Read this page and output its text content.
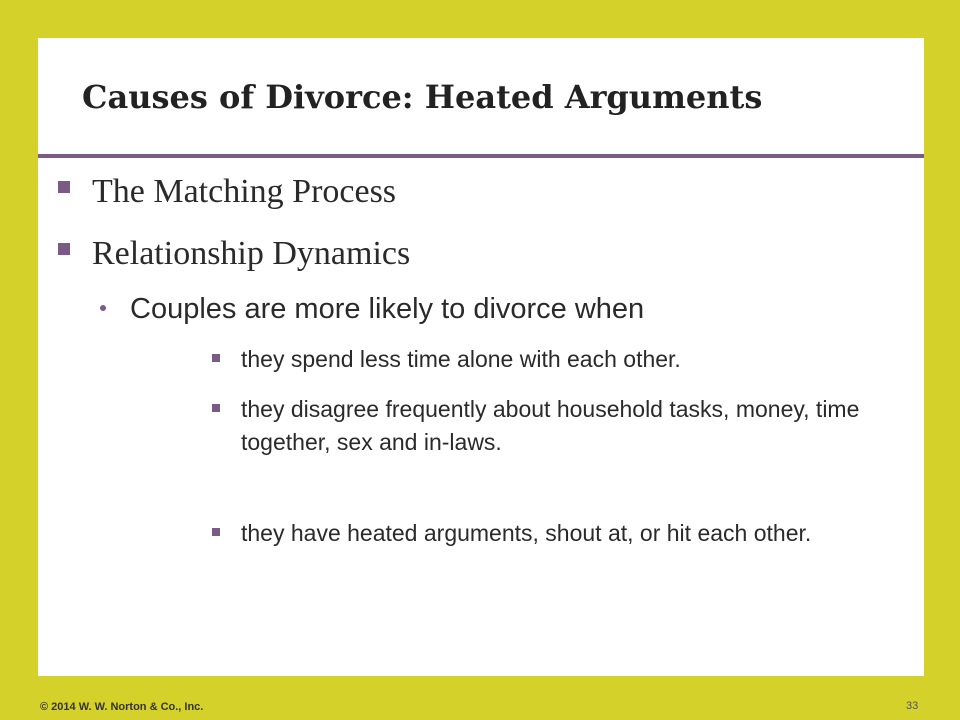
Causes of Divorce: Heated Arguments
The Matching Process
Relationship Dynamics
Couples are more likely to divorce when
they spend less time alone with each other.
they disagree frequently about household tasks, money, time together, sex and in-laws.
they have heated arguments, shout at, or hit each other.
© 2014 W. W. Norton & Co., Inc.	33
